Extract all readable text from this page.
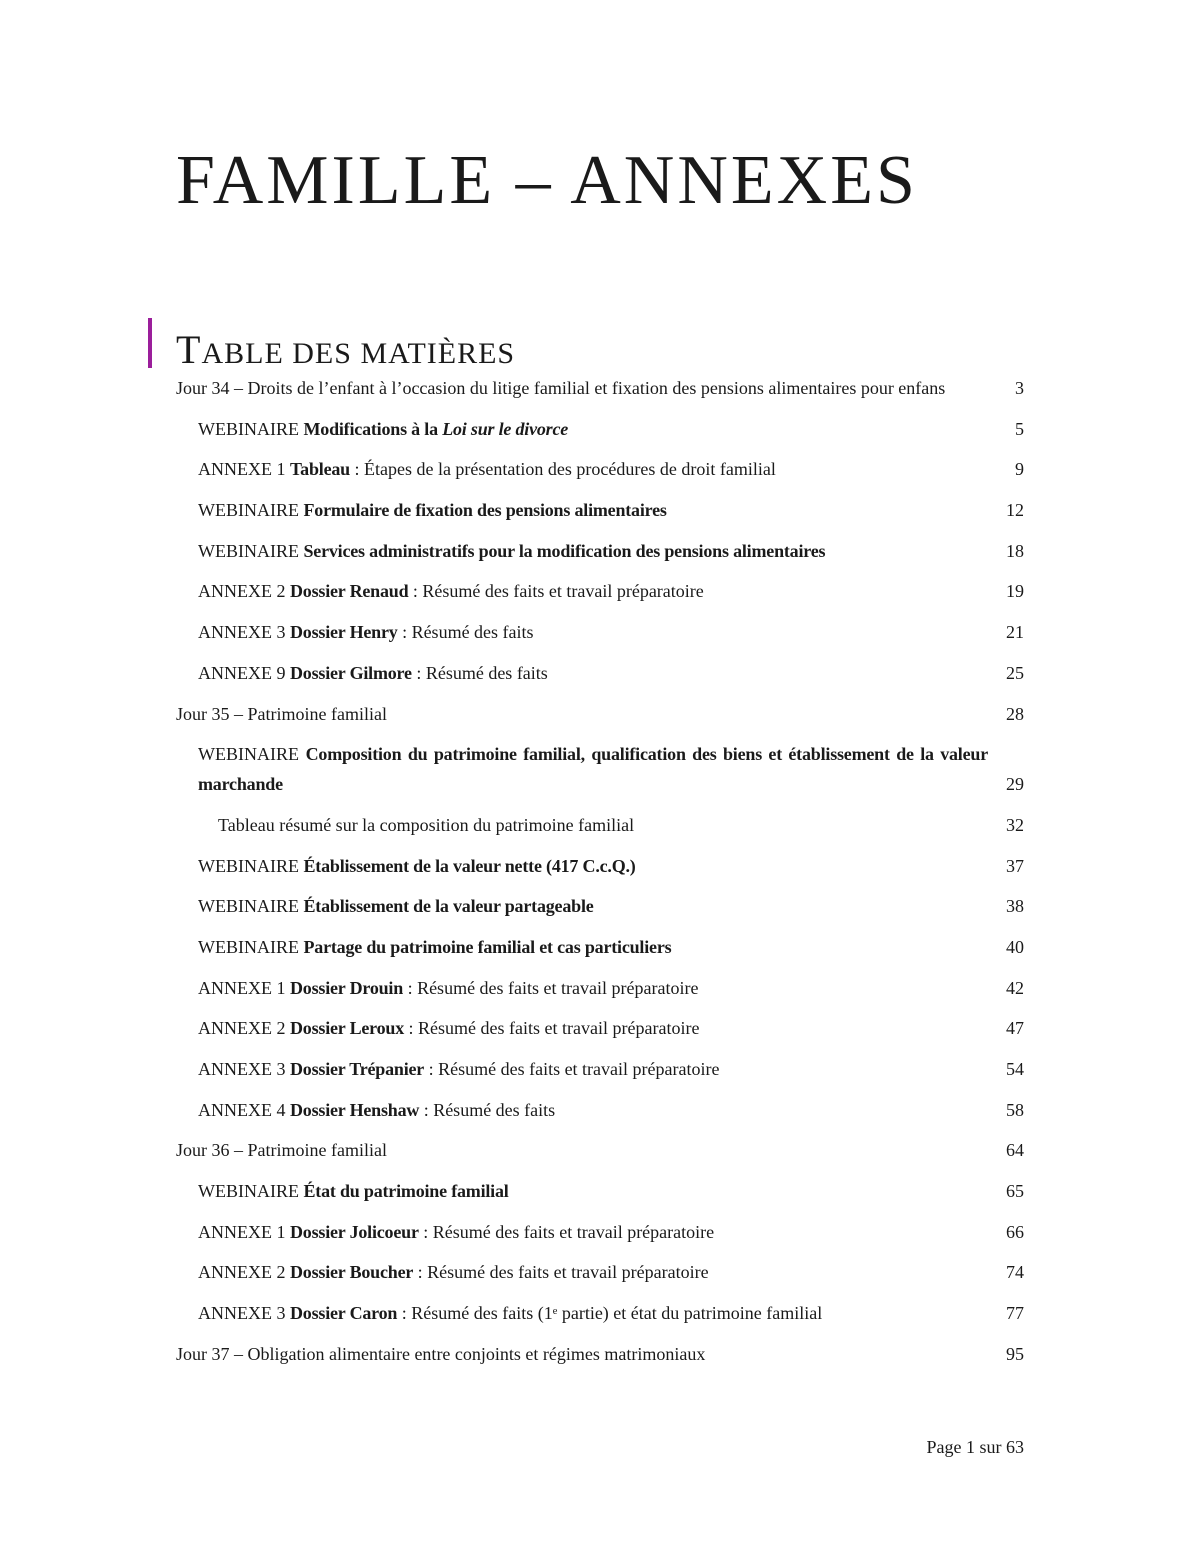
FAMILLE – ANNEXES
TABLE DES MATIÈRES
Jour 34 – Droits de l’enfant à l’occasion du litige familial et fixation des pensions alimentaires pour enfans	3
WEBINAIRE Modifications à la Loi sur le divorce	5
ANNEXE 1 Tableau : Étapes de la présentation des procédures de droit familial	9
WEBINAIRE Formulaire de fixation des pensions alimentaires	12
WEBINAIRE Services administratifs pour la modification des pensions alimentaires	18
ANNEXE 2 Dossier Renaud : Résumé des faits et travail préparatoire	19
ANNEXE 3 Dossier Henry : Résumé des faits	21
ANNEXE 9 Dossier Gilmore : Résumé des faits	25
Jour 35 – Patrimoine familial	28
WEBINAIRE Composition du patrimoine familial, qualification des biens et établissement de la valeur marchande	29
Tableau résumé sur la composition du patrimoine familial	32
WEBINAIRE Établissement de la valeur nette (417 C.c.Q.)	37
WEBINAIRE Établissement de la valeur partageable	38
WEBINAIRE Partage du patrimoine familial et cas particuliers	40
ANNEXE 1 Dossier Drouin : Résumé des faits et travail préparatoire	42
ANNEXE 2 Dossier Leroux : Résumé des faits et travail préparatoire	47
ANNEXE 3 Dossier Trépanier : Résumé des faits et travail préparatoire	54
ANNEXE 4 Dossier Henshaw : Résumé des faits	58
Jour 36 – Patrimoine familial	64
WEBINAIRE État du patrimoine familial	65
ANNEXE 1 Dossier Jolicoeur : Résumé des faits et travail préparatoire	66
ANNEXE 2 Dossier Boucher : Résumé des faits et travail préparatoire	74
ANNEXE 3 Dossier Caron : Résumé des faits (1ᵉ partie) et état du patrimoine familial	77
Jour 37 – Obligation alimentaire entre conjoints et régimes matrimoniaux	95
Page 1 sur 63
